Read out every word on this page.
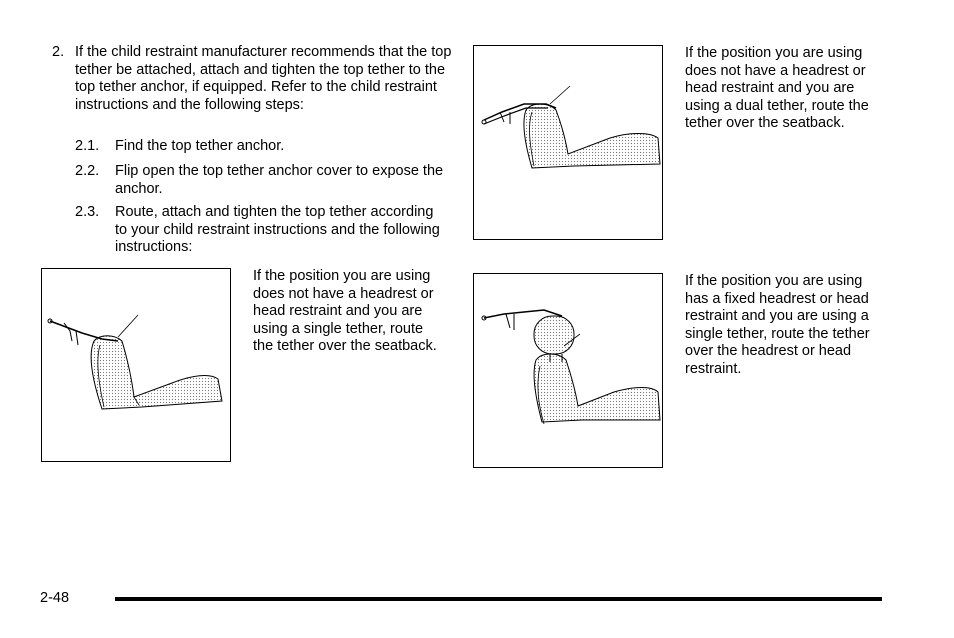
2. If the child restraint manufacturer recommends that the top tether be attached, attach and tighten the top tether to the top tether anchor, if equipped. Refer to the child restraint instructions and the following steps:
2.1. Find the top tether anchor.
2.2. Flip open the top tether anchor cover to expose the anchor.
2.3. Route, attach and tighten the top tether according to your child restraint instructions and the following instructions:
If the position you are using does not have a headrest or head restraint and you are using a single tether, route the tether over the seatback.
If the position you are using does not have a headrest or head restraint and you are using a dual tether, route the tether over the seatback.
If the position you are using has a fixed headrest or head restraint and you are using a single tether, route the tether over the headrest or head restraint.
2-48
